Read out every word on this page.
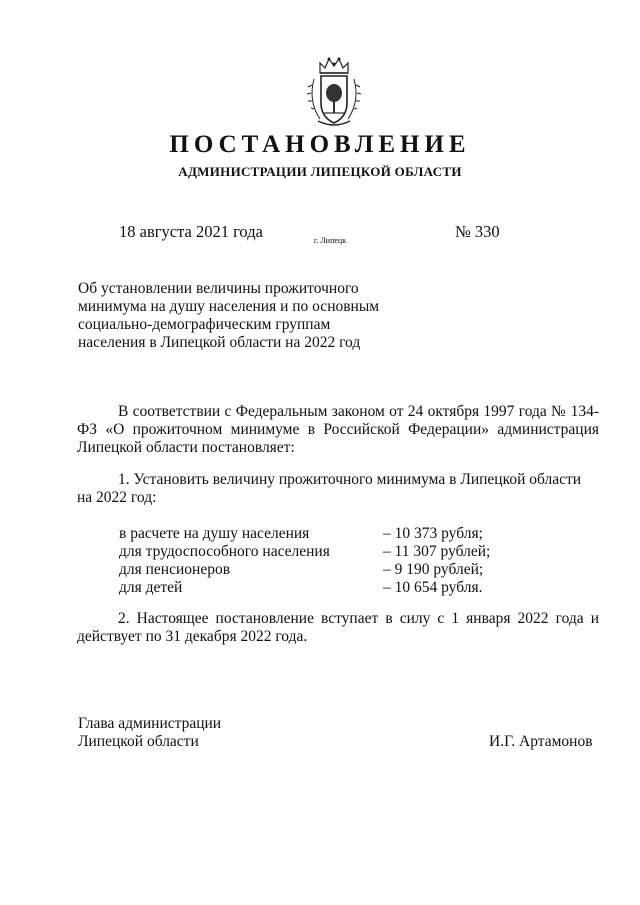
ПОСТАНОВЛЕНИЕ
АДМИНИСТРАЦИИ ЛИПЕЦКОЙ ОБЛАСТИ
18 августа 2021 года	г. Липецк	№ 330
Об установлении величины прожиточного
минимума на душу населения и по основным
социально-демографическим группам
населения в Липецкой области на 2022 год
В соответствии с Федеральным законом от 24 октября 1997 года № 134-ФЗ «О прожиточном минимуме в Российской Федерации» администрация Липецкой области постановляет:
1. Установить величину прожиточного минимума в Липецкой области на 2022 год:
в расчете на душу населения	– 10 373 рубля;
для трудоспособного населения	– 11 307 рублей;
для пенсионеров	– 9 190 рублей;
для детей	– 10 654 рубля.
2. Настоящее постановление вступает в силу с 1 января 2022 года и действует по 31 декабря 2022 года.
Глава администрации
Липецкой области	И.Г. Артамонов
